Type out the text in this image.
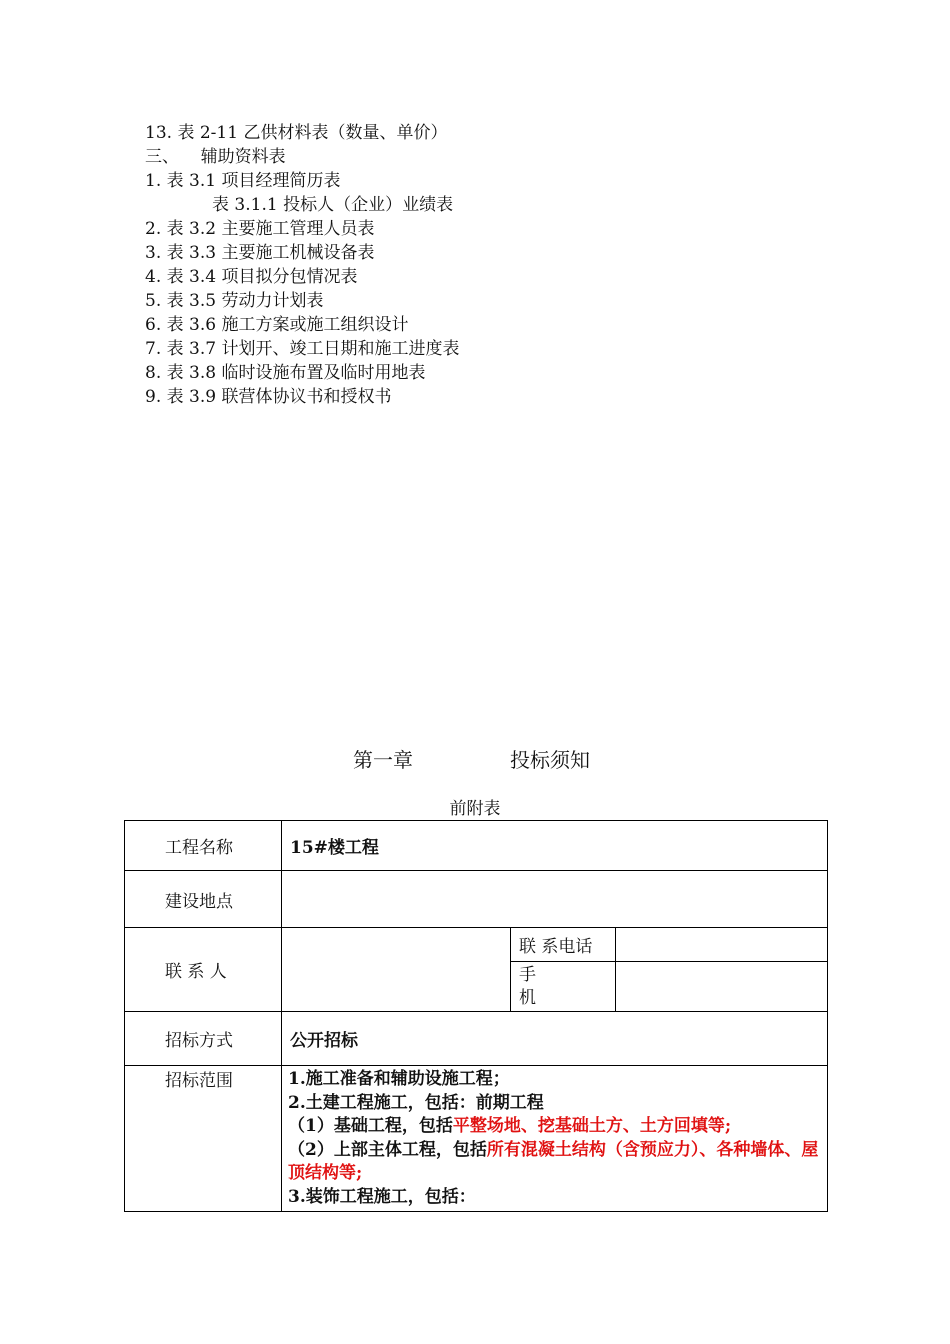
13. 表 2-11 乙供材料表（数量、单价）
三、    辅助资料表
1. 表 3.1 项目经理简历表
表 3.1.1 投标人（企业）业绩表
2. 表 3.2 主要施工管理人员表
3. 表 3.3 主要施工机械设备表
4. 表 3.4 项目拟分包情况表
5. 表 3.5 劳动力计划表
6. 表 3.6 施工方案或施工组织设计
7. 表 3.7 计划开、竣工日期和施工进度表
8. 表 3.8 临时设施布置及临时用地表
9. 表 3.9 联营体协议书和授权书
第一章	投标须知
前附表
工程名称	15#楼工程		
建设地点			
联 系 人		联 系电话	

		手
机	

招标方式	公开招标		
招标范围	1.施工准备和辅助设施工程；
2.土建工程施工，包括：前期工程
（1）基础工程，包括平整场地、挖基础土方、土方回填等;
（2）上部主体工程，包括所有混凝土结构（含预应力）、各种墙体、屋顶结构等;
3.装饰工程施工，包括：		
